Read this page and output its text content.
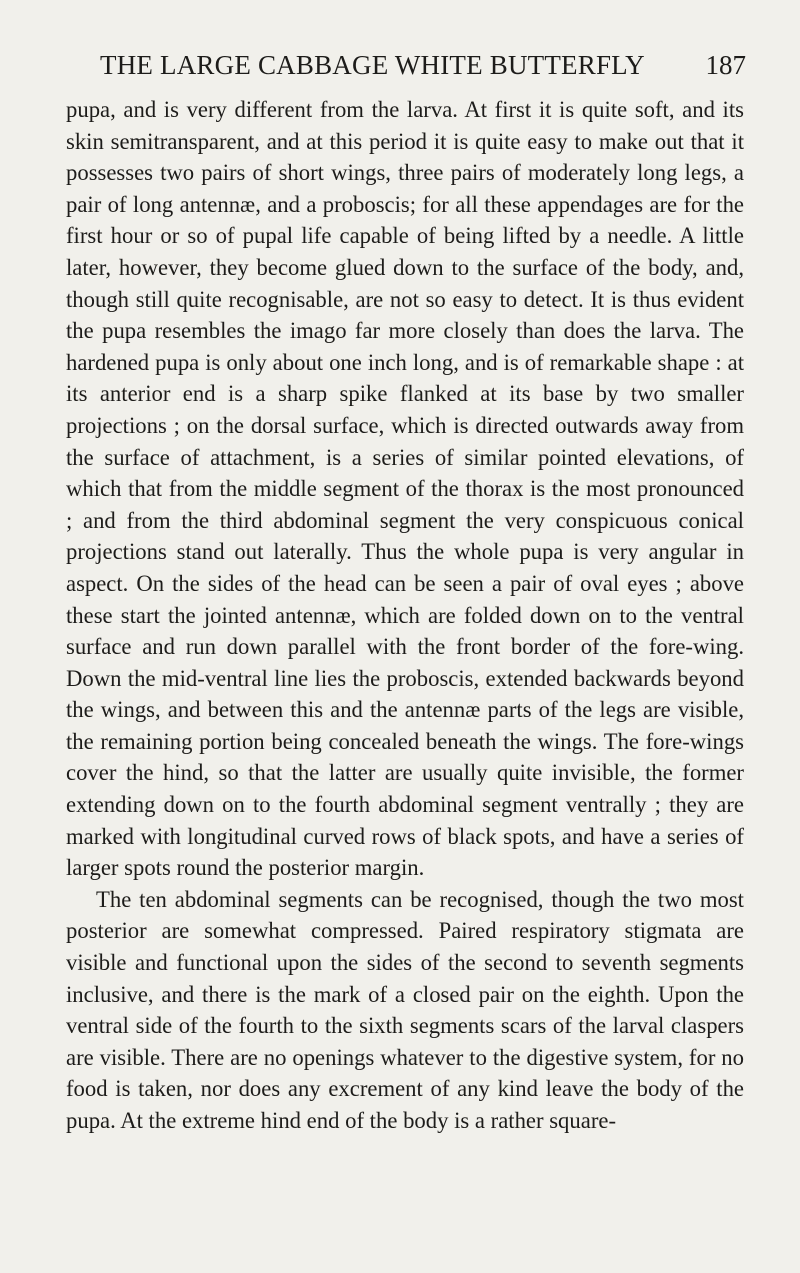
THE LARGE CABBAGE WHITE BUTTERFLY 187

pupa, and is very different from the larva. At first it is quite soft, and its skin semitransparent, and at this period it is quite easy to make out that it possesses two pairs of short wings, three pairs of moderately long legs, a pair of long antennæ, and a proboscis; for all these appendages are for the first hour or so of pupal life capable of being lifted by a needle. A little later, however, they become glued down to the surface of the body, and, though still quite recognisable, are not so easy to detect. It is thus evident the pupa resembles the imago far more closely than does the larva. The hardened pupa is only about one inch long, and is of remarkable shape : at its anterior end is a sharp spike flanked at its base by two smaller projections ; on the dorsal surface, which is directed outwards away from the surface of attachment, is a series of similar pointed elevations, of which that from the middle segment of the thorax is the most pronounced ; and from the third abdominal segment the very conspicuous conical projections stand out laterally. Thus the whole pupa is very angular in aspect. On the sides of the head can be seen a pair of oval eyes ; above these start the jointed antennæ, which are folded down on to the ventral surface and run down parallel with the front border of the fore-wing. Down the mid-ventral line lies the proboscis, extended backwards beyond the wings, and between this and the antennæ parts of the legs are visible, the remaining portion being concealed beneath the wings. The fore-wings cover the hind, so that the latter are usually quite invisible, the former extending down on to the fourth abdominal segment ventrally ; they are marked with longitudinal curved rows of black spots, and have a series of larger spots round the posterior margin.

The ten abdominal segments can be recognised, though the two most posterior are somewhat compressed. Paired respiratory stigmata are visible and functional upon the sides of the second to seventh segments inclusive, and there is the mark of a closed pair on the eighth. Upon the ventral side of the fourth to the sixth segments scars of the larval claspers are visible. There are no openings whatever to the digestive system, for no food is taken, nor does any excrement of any kind leave the body of the pupa. At the extreme hind end of the body is a rather square-
